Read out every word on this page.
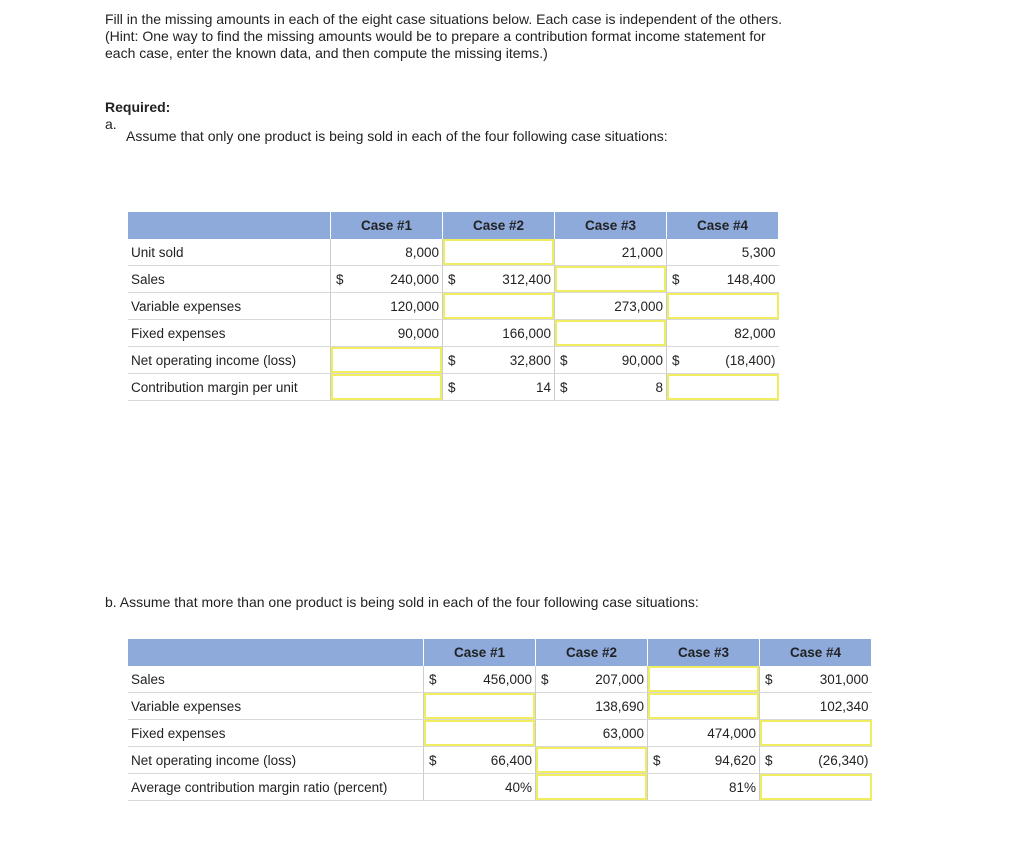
Fill in the missing amounts in each of the eight case situations below. Each case is independent of the others. (Hint: One way to find the missing amounts would be to prepare a contribution format income statement for each case, enter the known data, and then compute the missing items.)
Required:
a.
Assume that only one product is being sold in each of the four following case situations:
	Case #1	Case #2	Case #3	Case #4
Unit sold	8,000		21,000	5,300

Sales	$ 240,000	$ 312,400		$ 148,400

Variable expenses	120,000		273,000

Fixed expenses	90,000	166,000		82,000

Net operating income (loss)		$ 32,800	$ 90,000	$ (18,400)

Contribution margin per unit		$ 14	$ 8

b. Assume that more than one product is being sold in each of the four following case situations:
	Case #1	Case #2	Case #3	Case #4
Sales	$ 456,000	$ 207,000		$ 301,000

Variable expenses		138,690		102,340

Fixed expenses		63,000	474,000

Net operating income (loss)	$ 66,400		$ 94,620	$ (26,340)

Average contribution margin ratio (percent)	40%		81%
